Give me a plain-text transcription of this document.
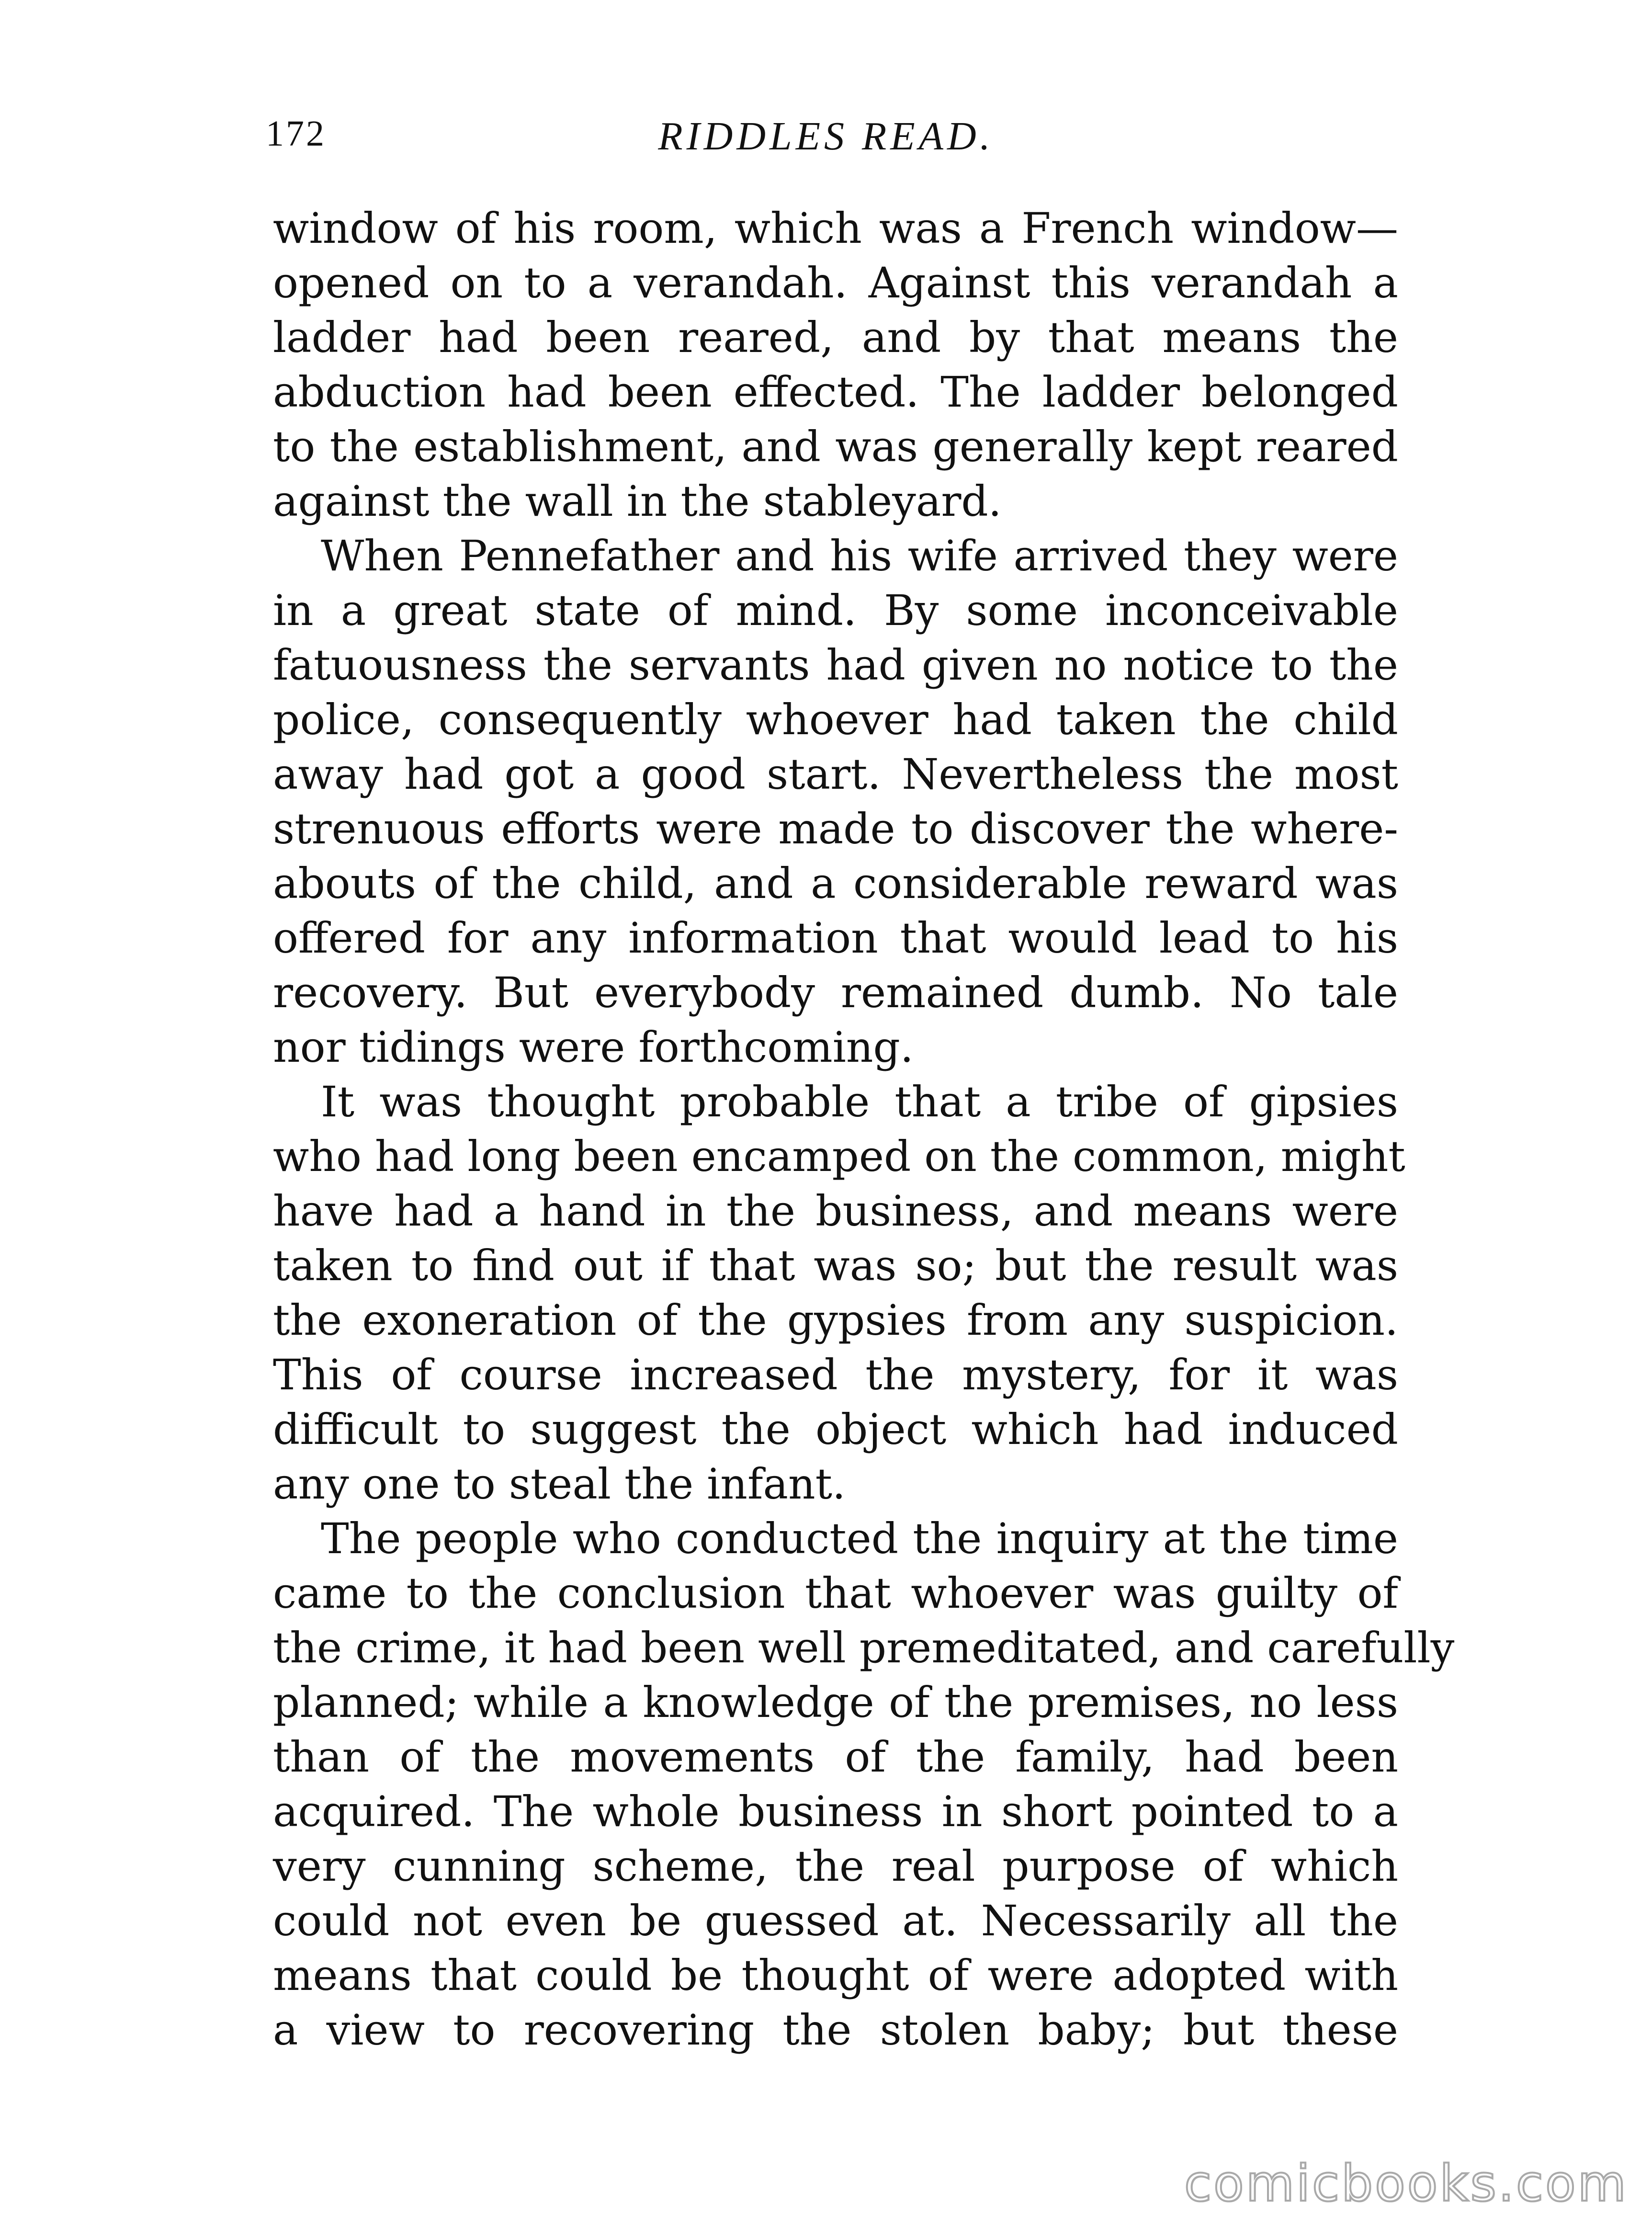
172	RIDDLES READ.
window of his room, which was a French window—
opened on to a verandah. Against this verandah a
ladder had been reared, and by that means the
abduction had been effected. The ladder belonged
to the establishment, and was generally kept reared
against the wall in the stableyard.
When Pennefather and his wife arrived they were
in a great state of mind. By some inconceivable
fatuousness the servants had given no notice to the
police, consequently whoever had taken the child
away had got a good start. Nevertheless the most
strenuous efforts were made to discover the where-
abouts of the child, and a considerable reward was
offered for any information that would lead to his
recovery. But everybody remained dumb. No tale
nor tidings were forthcoming.
It was thought probable that a tribe of gipsies
who had long been encamped on the common, might
have had a hand in the business, and means were
taken to find out if that was so; but the result was
the exoneration of the gypsies from any suspicion.
This of course increased the mystery, for it was
difficult to suggest the object which had induced
any one to steal the infant.
The people who conducted the inquiry at the time
came to the conclusion that whoever was guilty of
the crime, it had been well premeditated, and carefully
planned; while a knowledge of the premises, no less
than of the movements of the family, had been
acquired. The whole business in short pointed to a
very cunning scheme, the real purpose of which
could not even be guessed at. Necessarily all the
means that could be thought of were adopted with
a view to recovering the stolen baby; but these
comicbooks.com
